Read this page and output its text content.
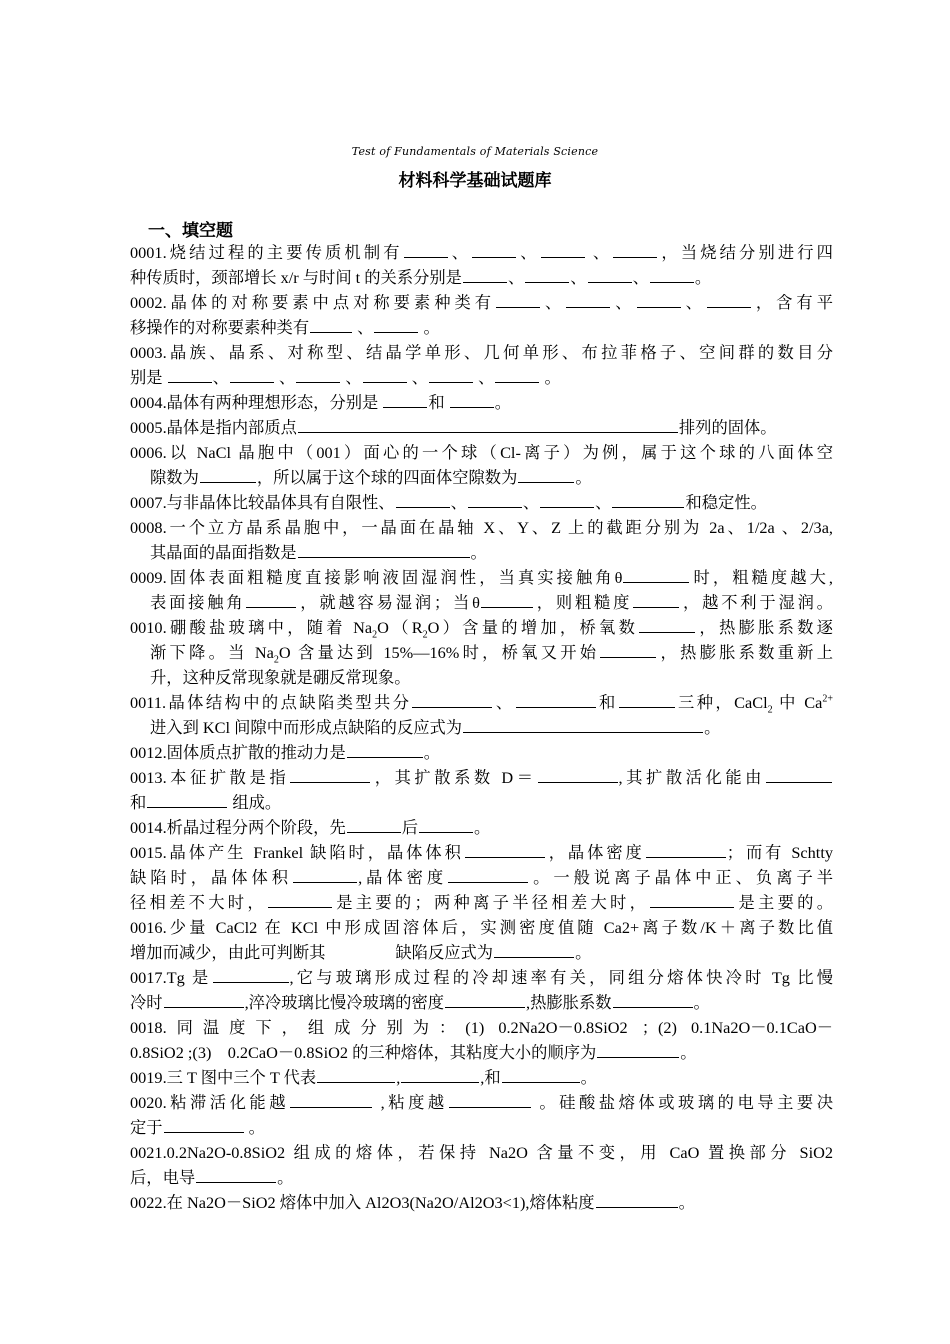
Test of Fundamentals of Materials Science
材料科学基础试题库
一、填空题
0001.烧结过程的主要传质机制有	、	、	、	，当烧结分别进行四
种传质时，颈部增长 x/r 与时间 t 的关系分别是	、	、	、	。
0002.晶体的对称要素中点对称要素种类有	、	、	、	，含有平
移操作的对称要素种类有	、	。
0003.晶族、晶系、对称型、结晶学单形、几何单形、布拉菲格子、空间群的数目分
别是	、	、	、	、	、	。
0004.晶体有两种理想形态，分别是	和	。
0005.晶体是指内部质点	排列的固体。
0006.以 NaCl 晶胞中（001）面心的一个球（Cl-离子）为例，属于这个球的八面体空
隙数为	，所以属于这个球的四面体空隙数为	。
0007.与非晶体比较晶体具有自限性、	、	、	、	和稳定性。
0008.一个立方晶系晶胞中，一晶面在晶轴 X、Y、Z 上的截距分别为 2a、1/2a 、2/3a,
其晶面的晶面指数是	。
0009.固体表面粗糙度直接影响液固湿润性，当真实接触角θ	时，粗糙度越大,
表面接触角	，就越容易湿润；当θ	，则粗糙度	，越不利于湿润。
0010.硼酸盐玻璃中，随着 $Na_2O(R_2O)$含量的增加，桥氧数	，热膨胀系数逐
渐下降。当 $Na_2O$ 含量达到 15%—16%时，桥氧又开始	，热膨胀系数重新上
升，这种反常现象就是硼反常现象。
0011.晶体结构中的点缺陷类型共分	、	和	三种，CaCl$_2$ 中 $Ca^{2+}$
进入到 KCl 间隙中而形成点缺陷的反应式为	。
0012.固体质点扩散的推动力是	。
0013.本征扩散是指	，其扩散系数 D＝	,其扩散活化能由
和	组成。
0014.析晶过程分两个阶段，先	后	。
0015.晶体产生 Frankel 缺陷时，晶体体积	，晶体密度	；而有 Schtty
缺陷时，晶体体积	,晶体密度	。一般说离子晶体中正、负离子半
径相差不大时，	是主要的；两种离子半径相差大时，	是主要的。
0016.少量 CaCl2 在 KCl 中形成固溶体后，实测密度值随 Ca2+离子数/K＋离子数比值
增加而减少，由此可判断其	缺陷反应式为	。
0017.Tg 是	,它与玻璃形成过程的冷却速率有关，同组分熔体快冷时 Tg 比慢
冷时	,淬冷玻璃比慢冷玻璃的密度	,热膨胀系数	。
0018.同温度下，组成分别为：(1) 0.2Na2O－0.8SiO2 ；(2) 0.1Na2O－0.1CaO－
0.8SiO2 ;(3)　0.2CaO－0.8SiO2 的三种熔体，其粘度大小的顺序为	。
0019.三 T 图中三个 T 代表	,	,和	。
0020.粘滞活化能越	,粘度越	。硅酸盐熔体或玻璃的电导主要决
定于	。
0021.0.2Na2O-0.8SiO2 组成的熔体，若保持 Na2O 含量不变，用 CaO 置换部分 SiO2
后，电导	。
0022.在 Na2O－SiO2 熔体中加入 Al2O3(Na2O/Al2O3<1),熔体粘度	。
